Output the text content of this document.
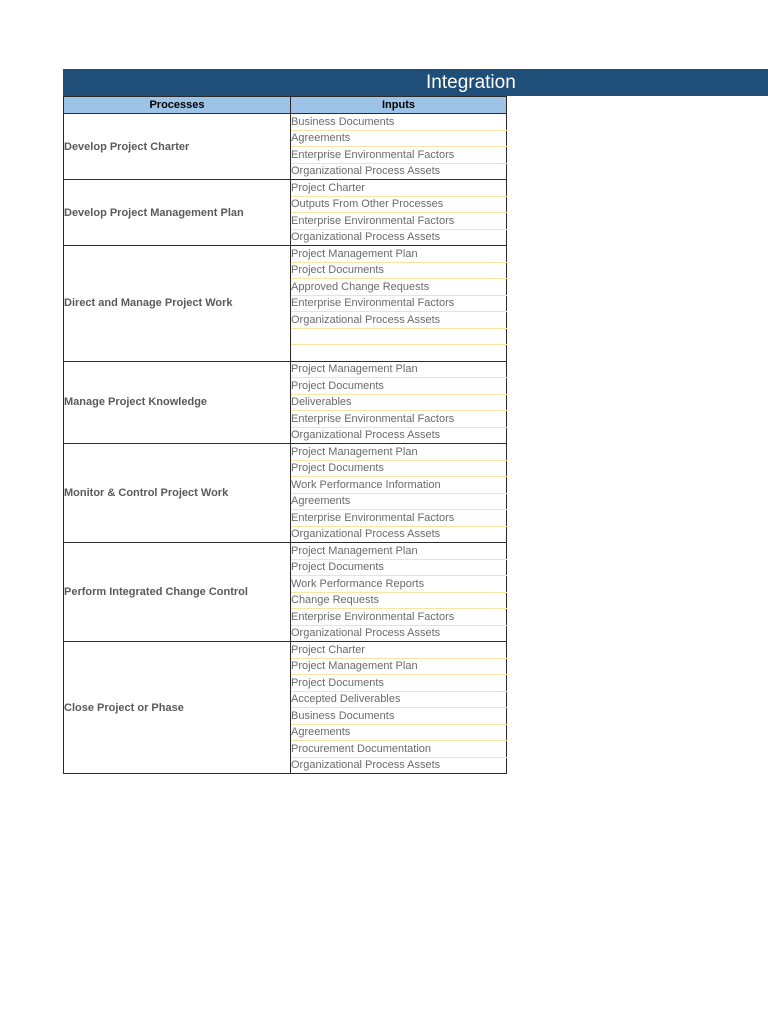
Integration
Processes	Inputs
Develop Project Charter	Business Documents
	Agreements
	Enterprise Environmental Factors
	Organizational Process Assets
Develop Project Management Plan	Project Charter
	Outputs From Other Processes
	Enterprise Environmental Factors
	Organizational Process Assets
Direct and Manage Project Work	Project Management Plan
	Project Documents
	Approved Change Requests
	Enterprise Environmental Factors
	Organizational Process Assets

Manage Project Knowledge	Project Management Plan
	Project Documents
	Deliverables
	Enterprise Environmental Factors
	Organizational Process Assets
Monitor & Control Project Work	Project Management Plan
	Project Documents
	Work Performance Information
	Agreements
	Enterprise Environmental Factors
	Organizational Process Assets
Perform Integrated Change Control	Project Management Plan
	Project Documents
	Work Performance Reports
	Change Requests
	Enterprise Environmental Factors
	Organizational Process Assets
Close Project or Phase	Project Charter
	Project Management Plan
	Project Documents
	Accepted Deliverables
	Business Documents
	Agreements
	Procurement Documentation
	Organizational Process Assets
